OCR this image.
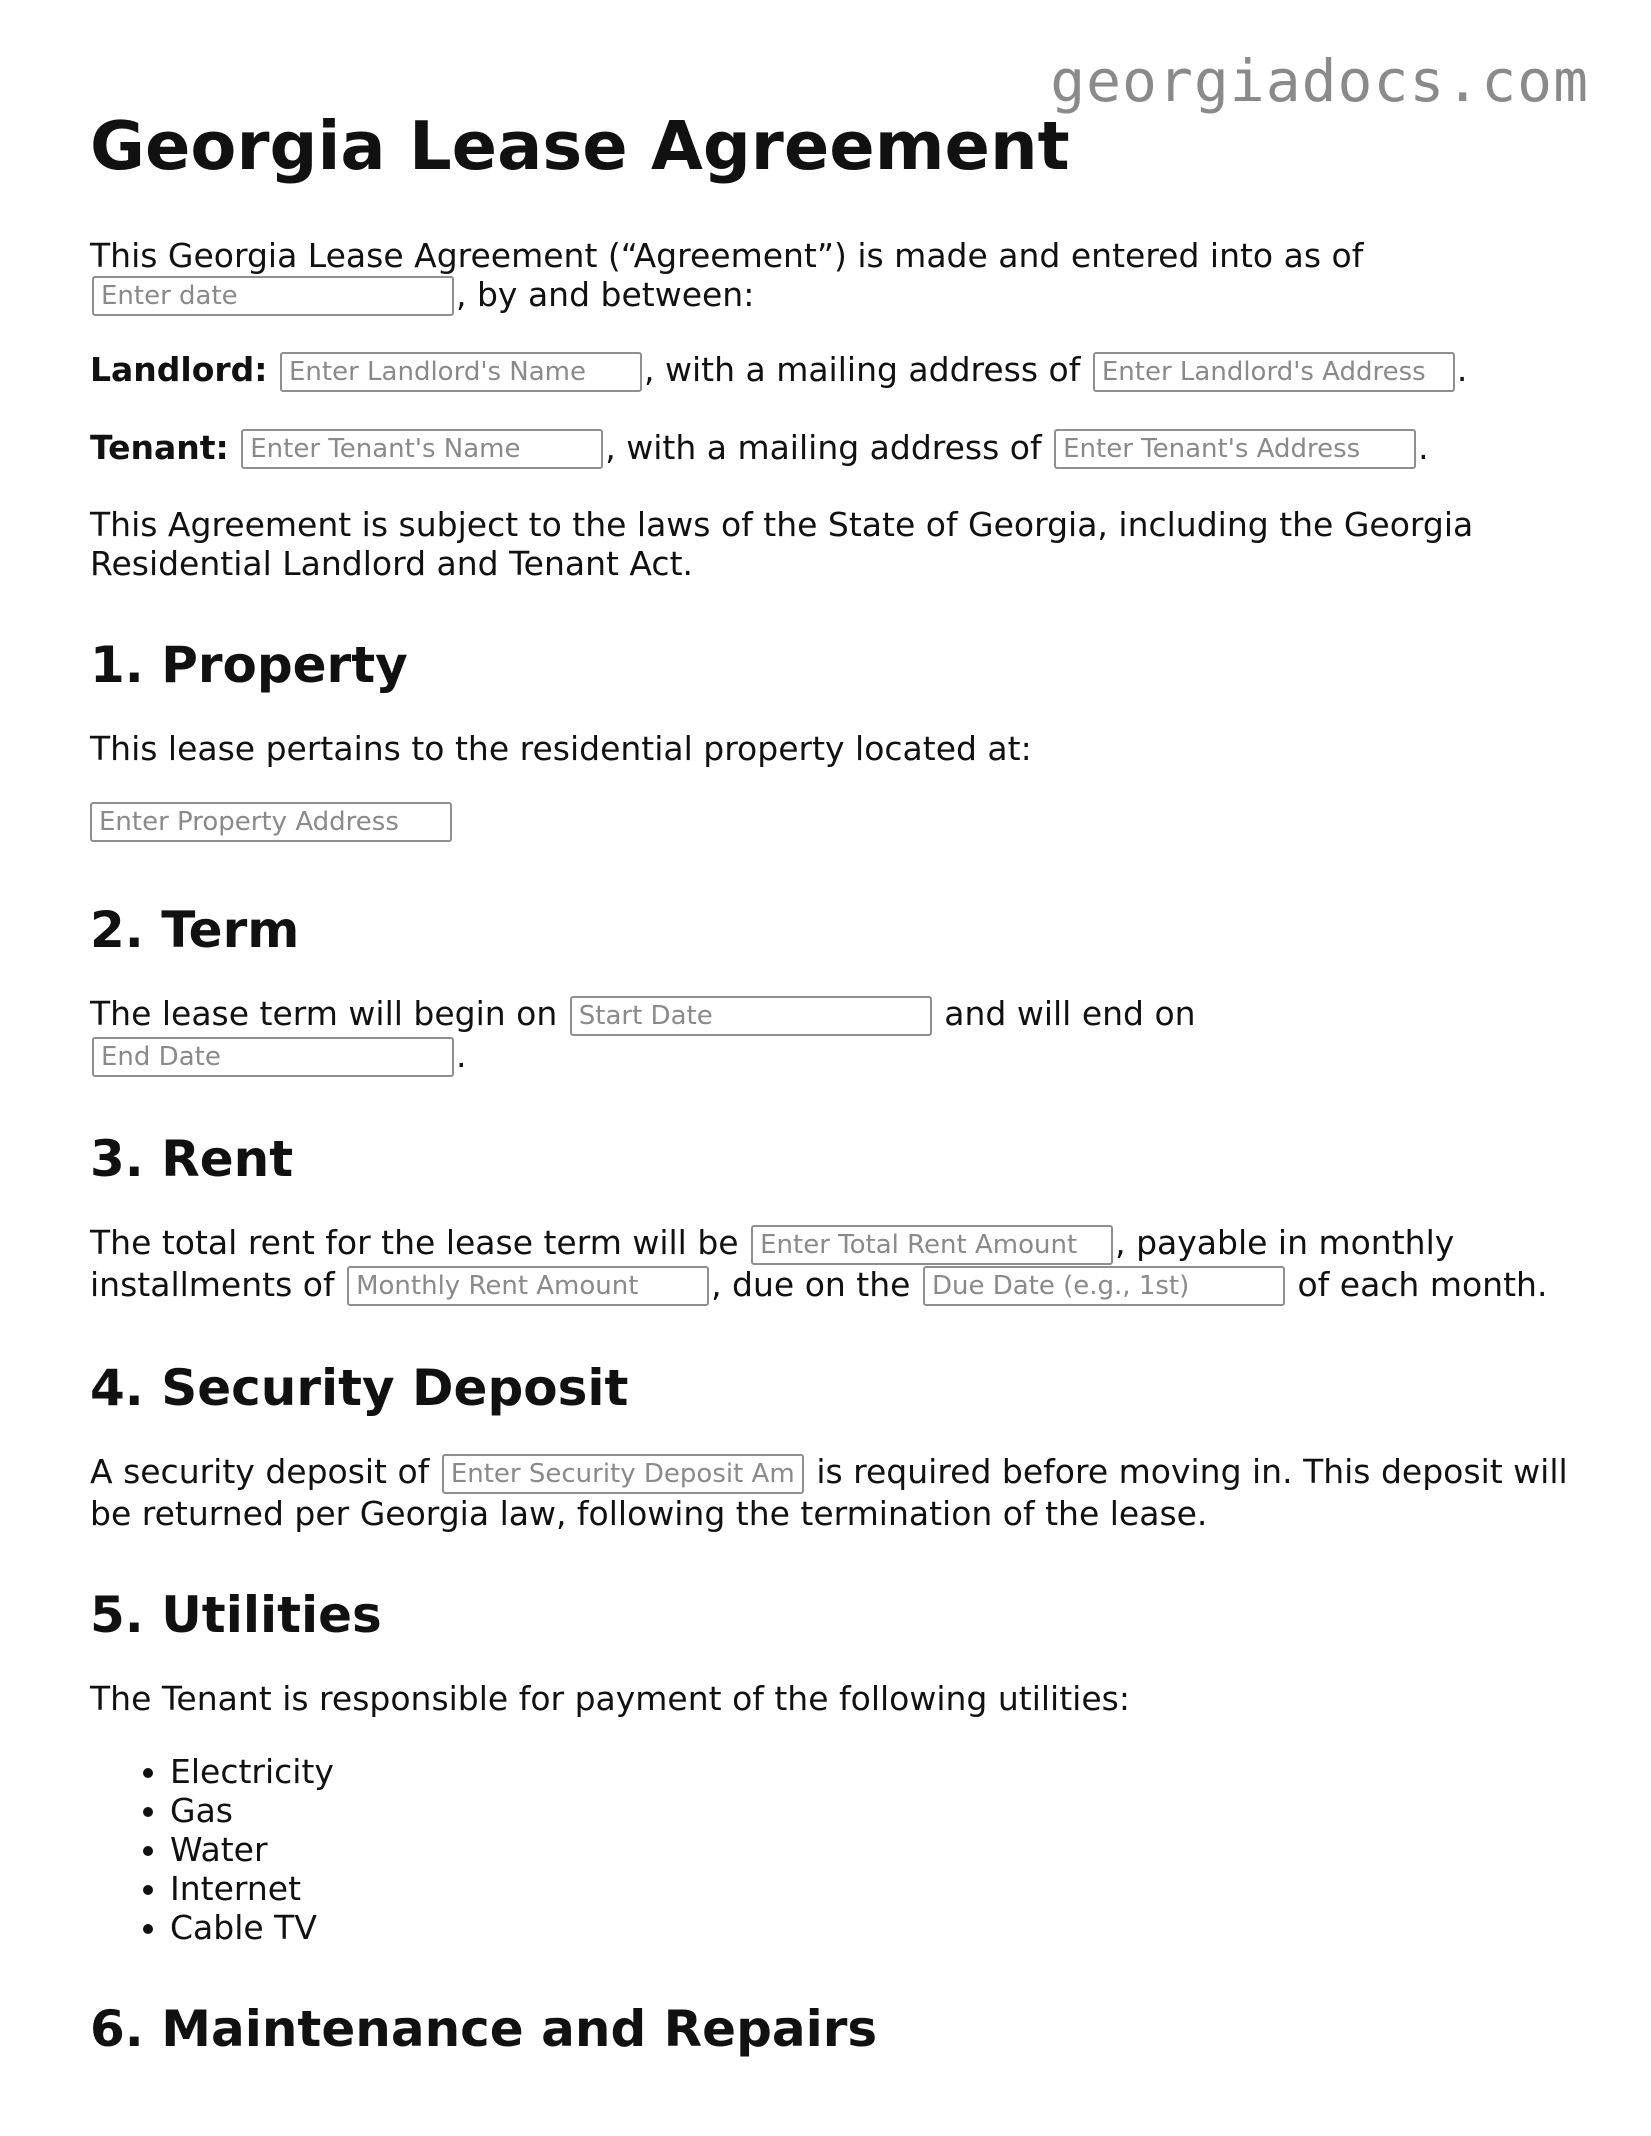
georgiadocs.com
Georgia Lease Agreement

This Georgia Lease Agreement (“Agreement”) is made and entered into as of
Enter date, by and between:

Landlord: Enter Landlord's Name	, with a mailing address of Enter Landlord's Address	.

Tenant: Enter Tenant's Name	, with a mailing address of Enter Tenant's Address	.

This Agreement is subject to the laws of the State of Georgia, including the Georgia Residential Landlord and Tenant Act.

1. Property

This lease pertains to the residential property located at:

Enter Property Address
2. Term

The lease term will begin on Start Date	and will end on End Date.

3. Rent

The total rent for the lease term will be Enter Total Rent Amount	, payable in monthly installments of Monthly Rent Amount	, due on the Due Date (e.g., 1st)	of each month.

4. Security Deposit

A security deposit of Enter Security Deposit Am	is required before moving in. This deposit will be returned per Georgia law, following the termination of the lease.

5. Utilities

The Tenant is responsible for payment of the following utilities:

• Electricity
• Gas
• Water
• Internet
• Cable TV
6. Maintenance and Repairs
